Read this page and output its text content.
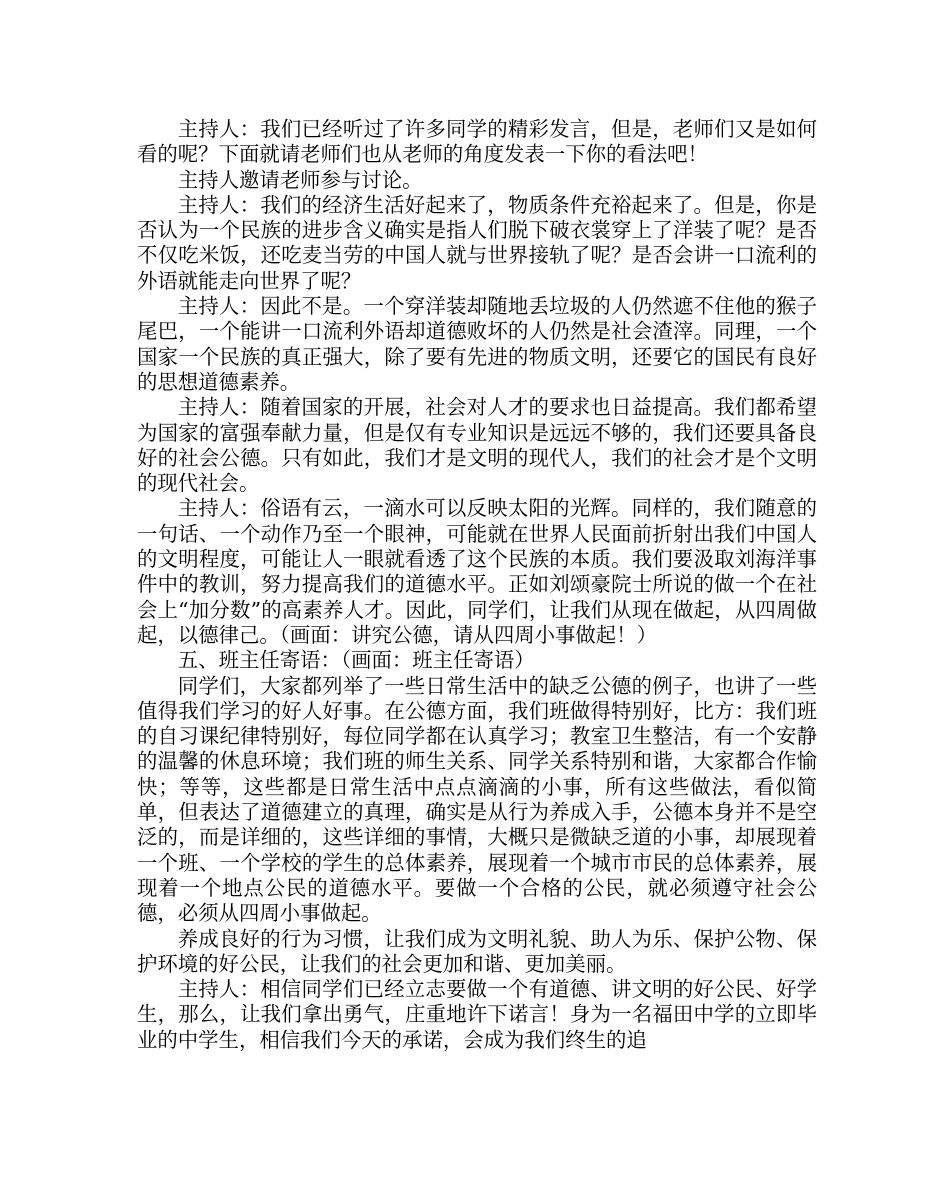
主持人：我们已经听过了许多同学的精彩发言，但是，老师们又是如何看的呢？下面就请老师们也从老师的角度发表一下你的看法吧！

主持人邀请老师参与讨论。

主持人：我们的经济生活好起来了，物质条件充裕起来了。但是，你是否认为一个民族的进步含义确实是指人们脱下破衣裳穿上了洋装了呢？是否不仅吃米饭，还吃麦当劳的中国人就与世界接轨了呢？是否会讲一口流利的外语就能走向世界了呢？

主持人：因此不是。一个穿洋装却随地丢垃圾的人仍然遮不住他的猴子尾巴，一个能讲一口流利外语却道德败坏的人仍然是社会渣滓。同理，一个国家一个民族的真正强大，除了要有先进的物质文明，还要它的国民有良好的思想道德素养。

主持人：随着国家的开展，社会对人才的要求也日益提高。我们都希望为国家的富强奉献力量，但是仅有专业知识是远远不够的，我们还要具备良好的社会公德。只有如此，我们才是文明的现代人，我们的社会才是个文明的现代社会。

主持人：俗语有云，一滴水可以反映太阳的光辉。同样的，我们随意的一句话、一个动作乃至一个眼神，可能就在世界人民面前折射出我们中国人的文明程度，可能让人一眼就看透了这个民族的本质。我们要汲取刘海洋事件中的教训，努力提高我们的道德水平。正如刘颂豪院士所说的做一个在社会上“加分数”的高素养人才。因此，同学们，让我们从现在做起，从四周做起，以德律己。（画面：讲究公德，请从四周小事做起！）

五、班主任寄语：（画面：班主任寄语）

同学们，大家都列举了一些日常生活中的缺乏公德的例子，也讲了一些值得我们学习的好人好事。在公德方面，我们班做得特别好，比方：我们班的自习课纪律特别好，每位同学都在认真学习；教室卫生整洁，有一个安静的温馨的休息环境；我们班的师生关系、同学关系特别和谐，大家都合作愉快；等等，这些都是日常生活中点点滴滴的小事，所有这些做法，看似简单，但表达了道德建立的真理，确实是从行为养成入手，公德本身并不是空泛的，而是详细的，这些详细的事情，大概只是微缺乏道的小事，却展现着一个班、一个学校的学生的总体素养，展现着一个城市市民的总体素养，展现着一个地点公民的道德水平。要做一个合格的公民，就必须遵守社会公德，必须从四周小事做起。

养成良好的行为习惯，让我们成为文明礼貌、助人为乐、保护公物、保护环境的好公民，让我们的社会更加和谐、更加美丽。

主持人：相信同学们已经立志要做一个有道德、讲文明的好公民、好学生，那么，让我们拿出勇气，庄重地许下诺言！身为一名福田中学的立即毕业的中学生，相信我们今天的承诺，会成为我们终生的追
